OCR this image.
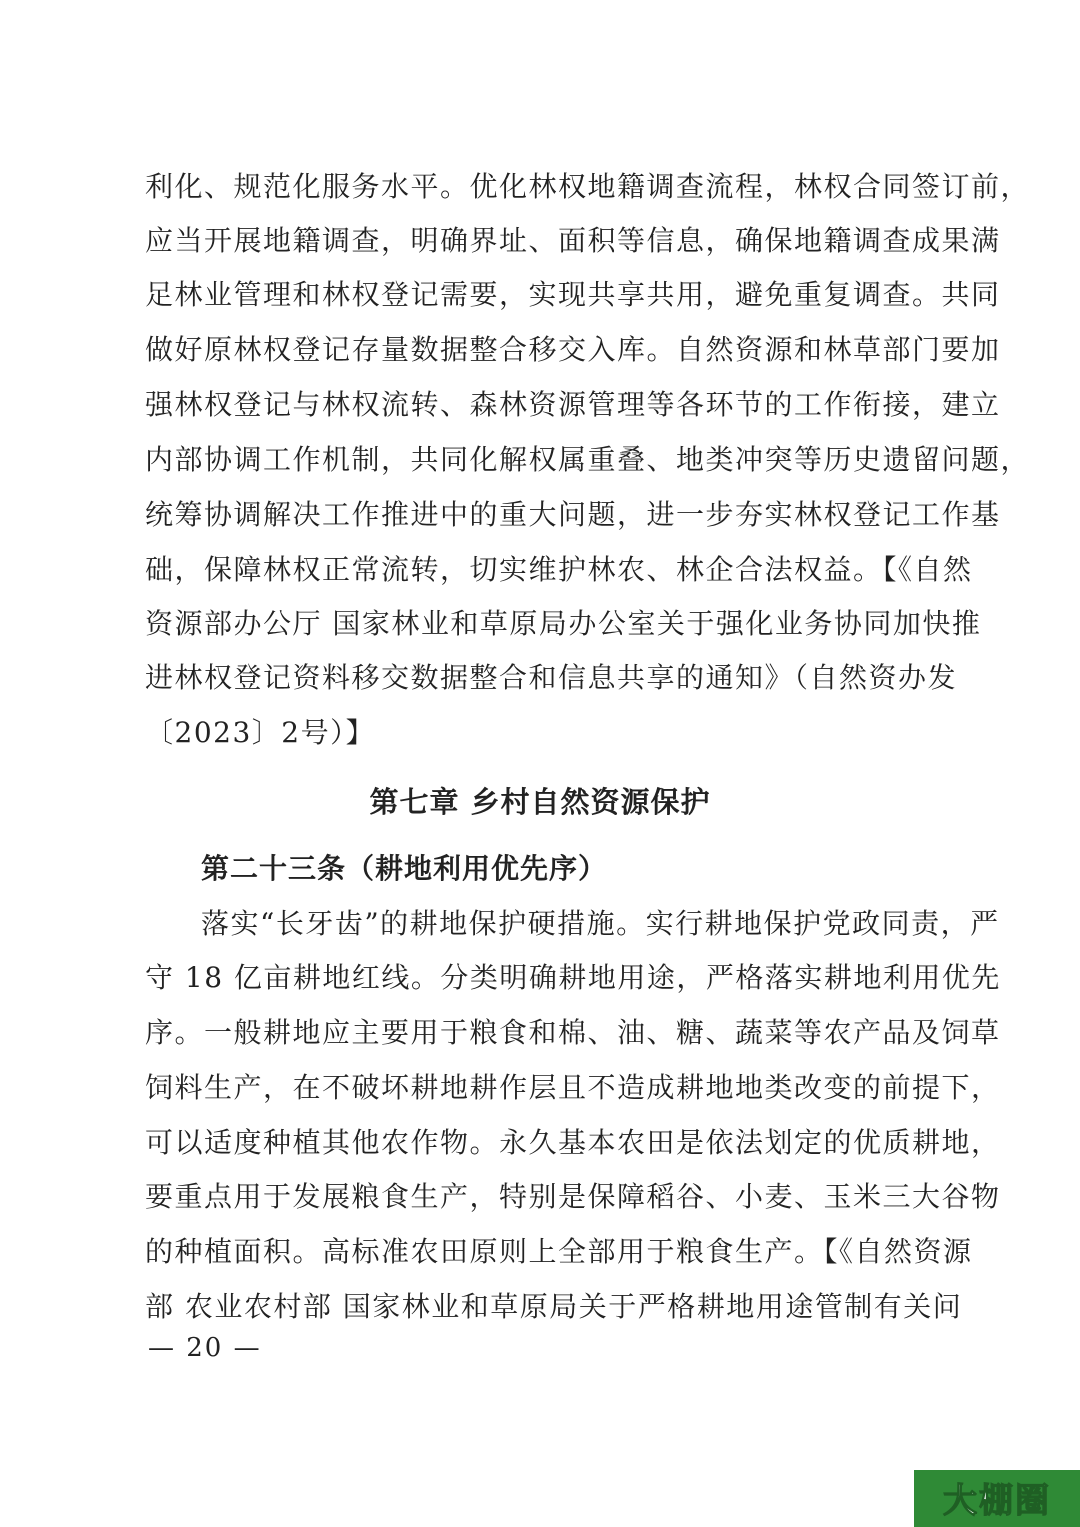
利化、规范化服务水平。优化林权地籍调查流程，林权合同签订前，
应当开展地籍调查，明确界址、面积等信息，确保地籍调查成果满
足林业管理和林权登记需要，实现共享共用，避免重复调查。共同
做好原林权登记存量数据整合移交入库。自然资源和林草部门要加
强林权登记与林权流转、森林资源管理等各环节的工作衔接，建立
内部协调工作机制，共同化解权属重叠、地类冲突等历史遗留问题，
统筹协调解决工作推进中的重大问题，进一步夯实林权登记工作基
础，保障林权正常流转，切实维护林农、林企合法权益。【《自然
资源部办公厅 国家林业和草原局办公室关于强化业务协同加快推
进林权登记资料移交数据整合和信息共享的通知》（自然资办发
〔2023〕2号）】
第七章 乡村自然资源保护
第二十三条（耕地利用优先序）
落实“长牙齿”的耕地保护硬措施。实行耕地保护党政同责，严
守 18 亿亩耕地红线。分类明确耕地用途，严格落实耕地利用优先
序。一般耕地应主要用于粮食和棉、油、糖、蔬菜等农产品及饲草
饲料生产，在不破坏耕地耕作层且不造成耕地地类改变的前提下，
可以适度种植其他农作物。永久基本农田是依法划定的优质耕地，
要重点用于发展粮食生产，特别是保障稻谷、小麦、玉米三大谷物
的种植面积。高标准农田原则上全部用于粮食生产。【《自然资源
部 农业农村部 国家林业和草原局关于严格耕地用途管制有关问
— 20 —
大棚圈
